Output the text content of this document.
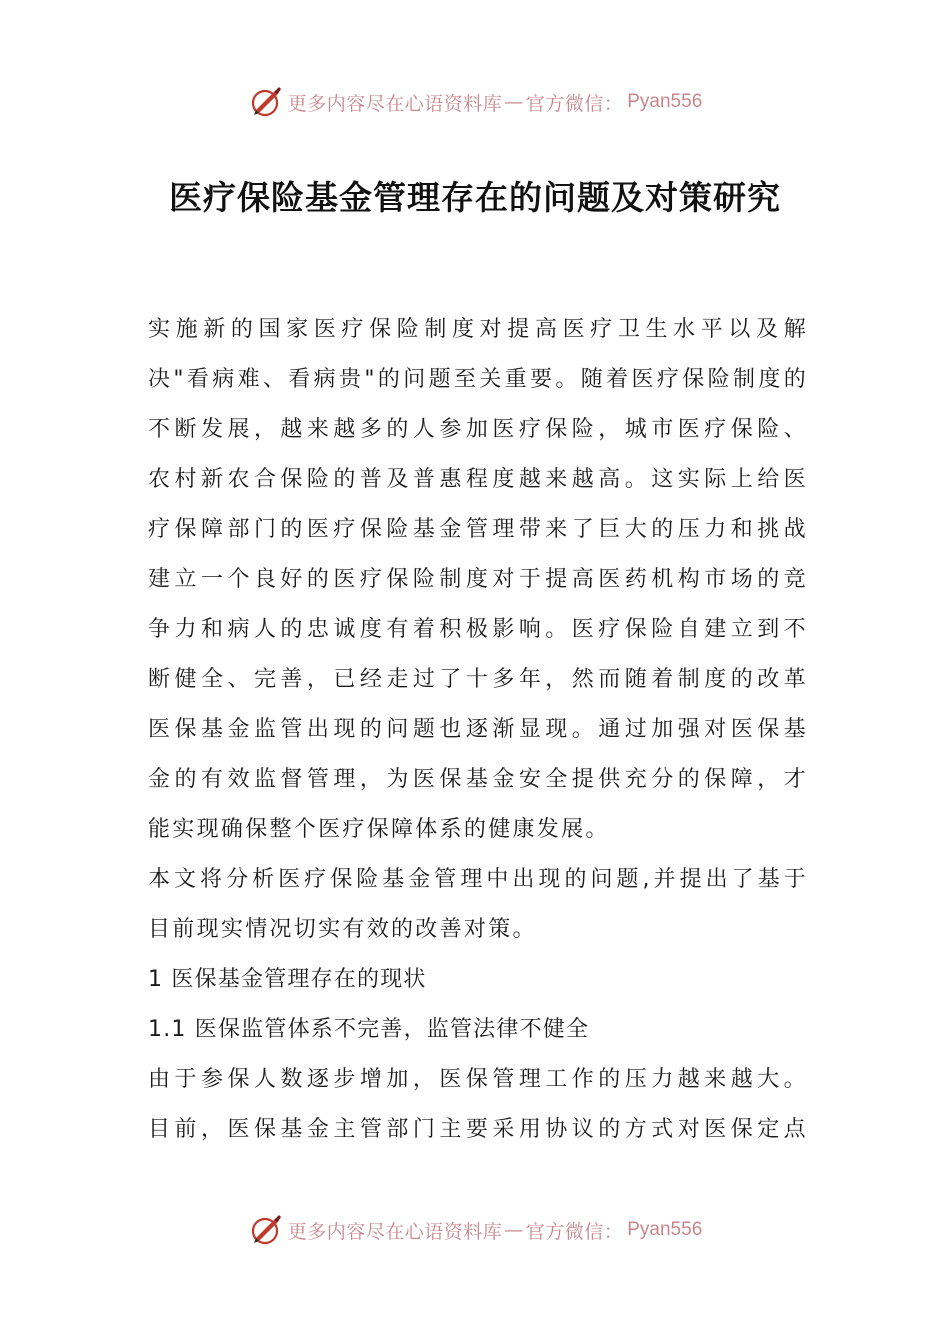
更多内容尽在心语资料库 — 官方微信： Pyan556
医疗保险基金管理存在的问题及对策研究
实施新的国家医疗保险制度对提高医疗卫生水平以及解
决"看病难、看病贵"的问题至关重要。随着医疗保险制度的
不断发展，越来越多的人参加医疗保险，城市医疗保险、
农村新农合保险的普及普惠程度越来越高。这实际上给医
疗保障部门的医疗保险基金管理带来了巨大的压力和挑战
建立一个良好的医疗保险制度对于提高医药机构市场的竞
争力和病人的忠诚度有着积极影响。医疗保险自建立到不
断健全、完善，已经走过了十多年，然而随着制度的改革
医保基金监管出现的问题也逐渐显现。通过加强对医保基
金的有效监督管理，为医保基金安全提供充分的保障，才
能实现确保整个医疗保障体系的健康发展。
本文将分析医疗保险基金管理中出现的问题,并提出了基于
目前现实情况切实有效的改善对策。
1 医保基金管理存在的现状
1.1 医保监管体系不完善，监管法律不健全
由于参保人数逐步增加，医保管理工作的压力越来越大。
目前，医保基金主管部门主要采用协议的方式对医保定点
更多内容尽在心语资料库 — 官方微信： Pyan556
